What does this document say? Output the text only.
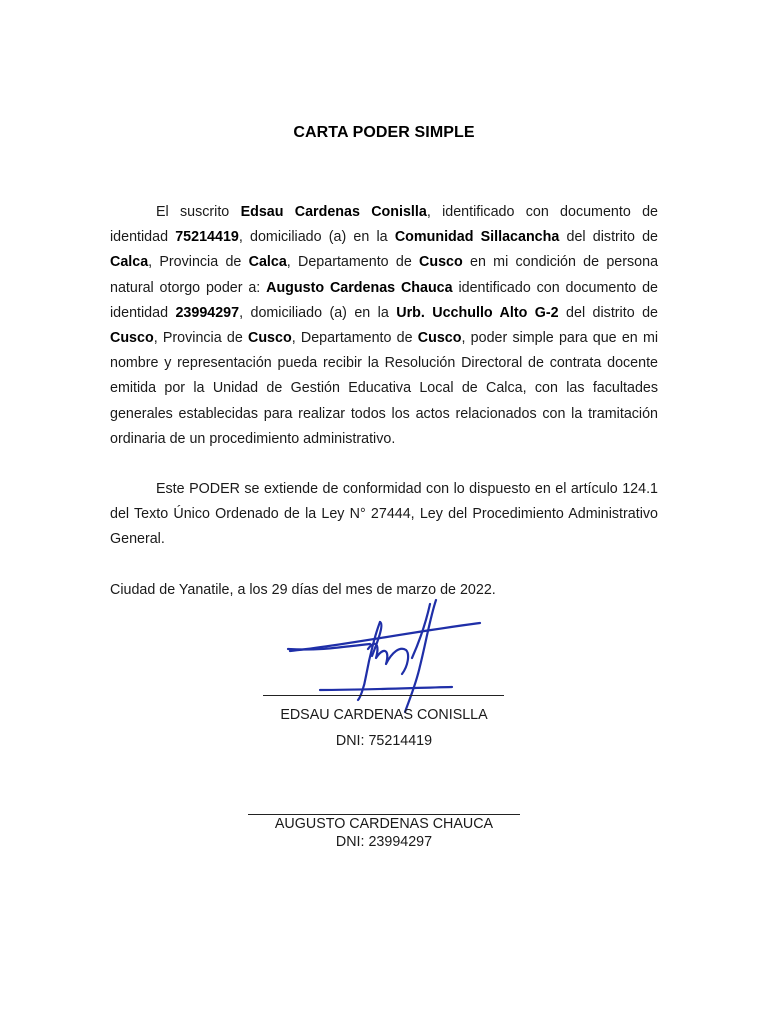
CARTA PODER SIMPLE

El suscrito Edsau Cardenas Conislla, identificado con documento de identidad 75214419, domiciliado (a) en la Comunidad Sillacancha del distrito de Calca, Provincia de Calca, Departamento de Cusco en mi condición de persona natural otorgo poder a: Augusto Cardenas Chauca identificado con documento de identidad 23994297, domiciliado (a) en la Urb. Ucchullo Alto G-2 del distrito de Cusco, Provincia de Cusco, Departamento de Cusco, poder simple para que en mi nombre y representación pueda recibir la Resolución Directoral de contrata docente emitida por la Unidad de Gestión Educativa Local de Calca, con las facultades generales establecidas para realizar todos los actos relacionados con la tramitación ordinaria de un procedimiento administrativo.

Este PODER se extiende de conformidad con lo dispuesto en el artículo 124.1 del Texto Único Ordenado de la Ley N° 27444, Ley del Procedimiento Administrativo General.

Ciudad de Yanatile, a los 29 días del mes de marzo de 2022.
EDSAU CARDENAS CONISLLA
DNI: 75214419
AUGUSTO CARDENAS CHAUCA
DNI: 23994297
